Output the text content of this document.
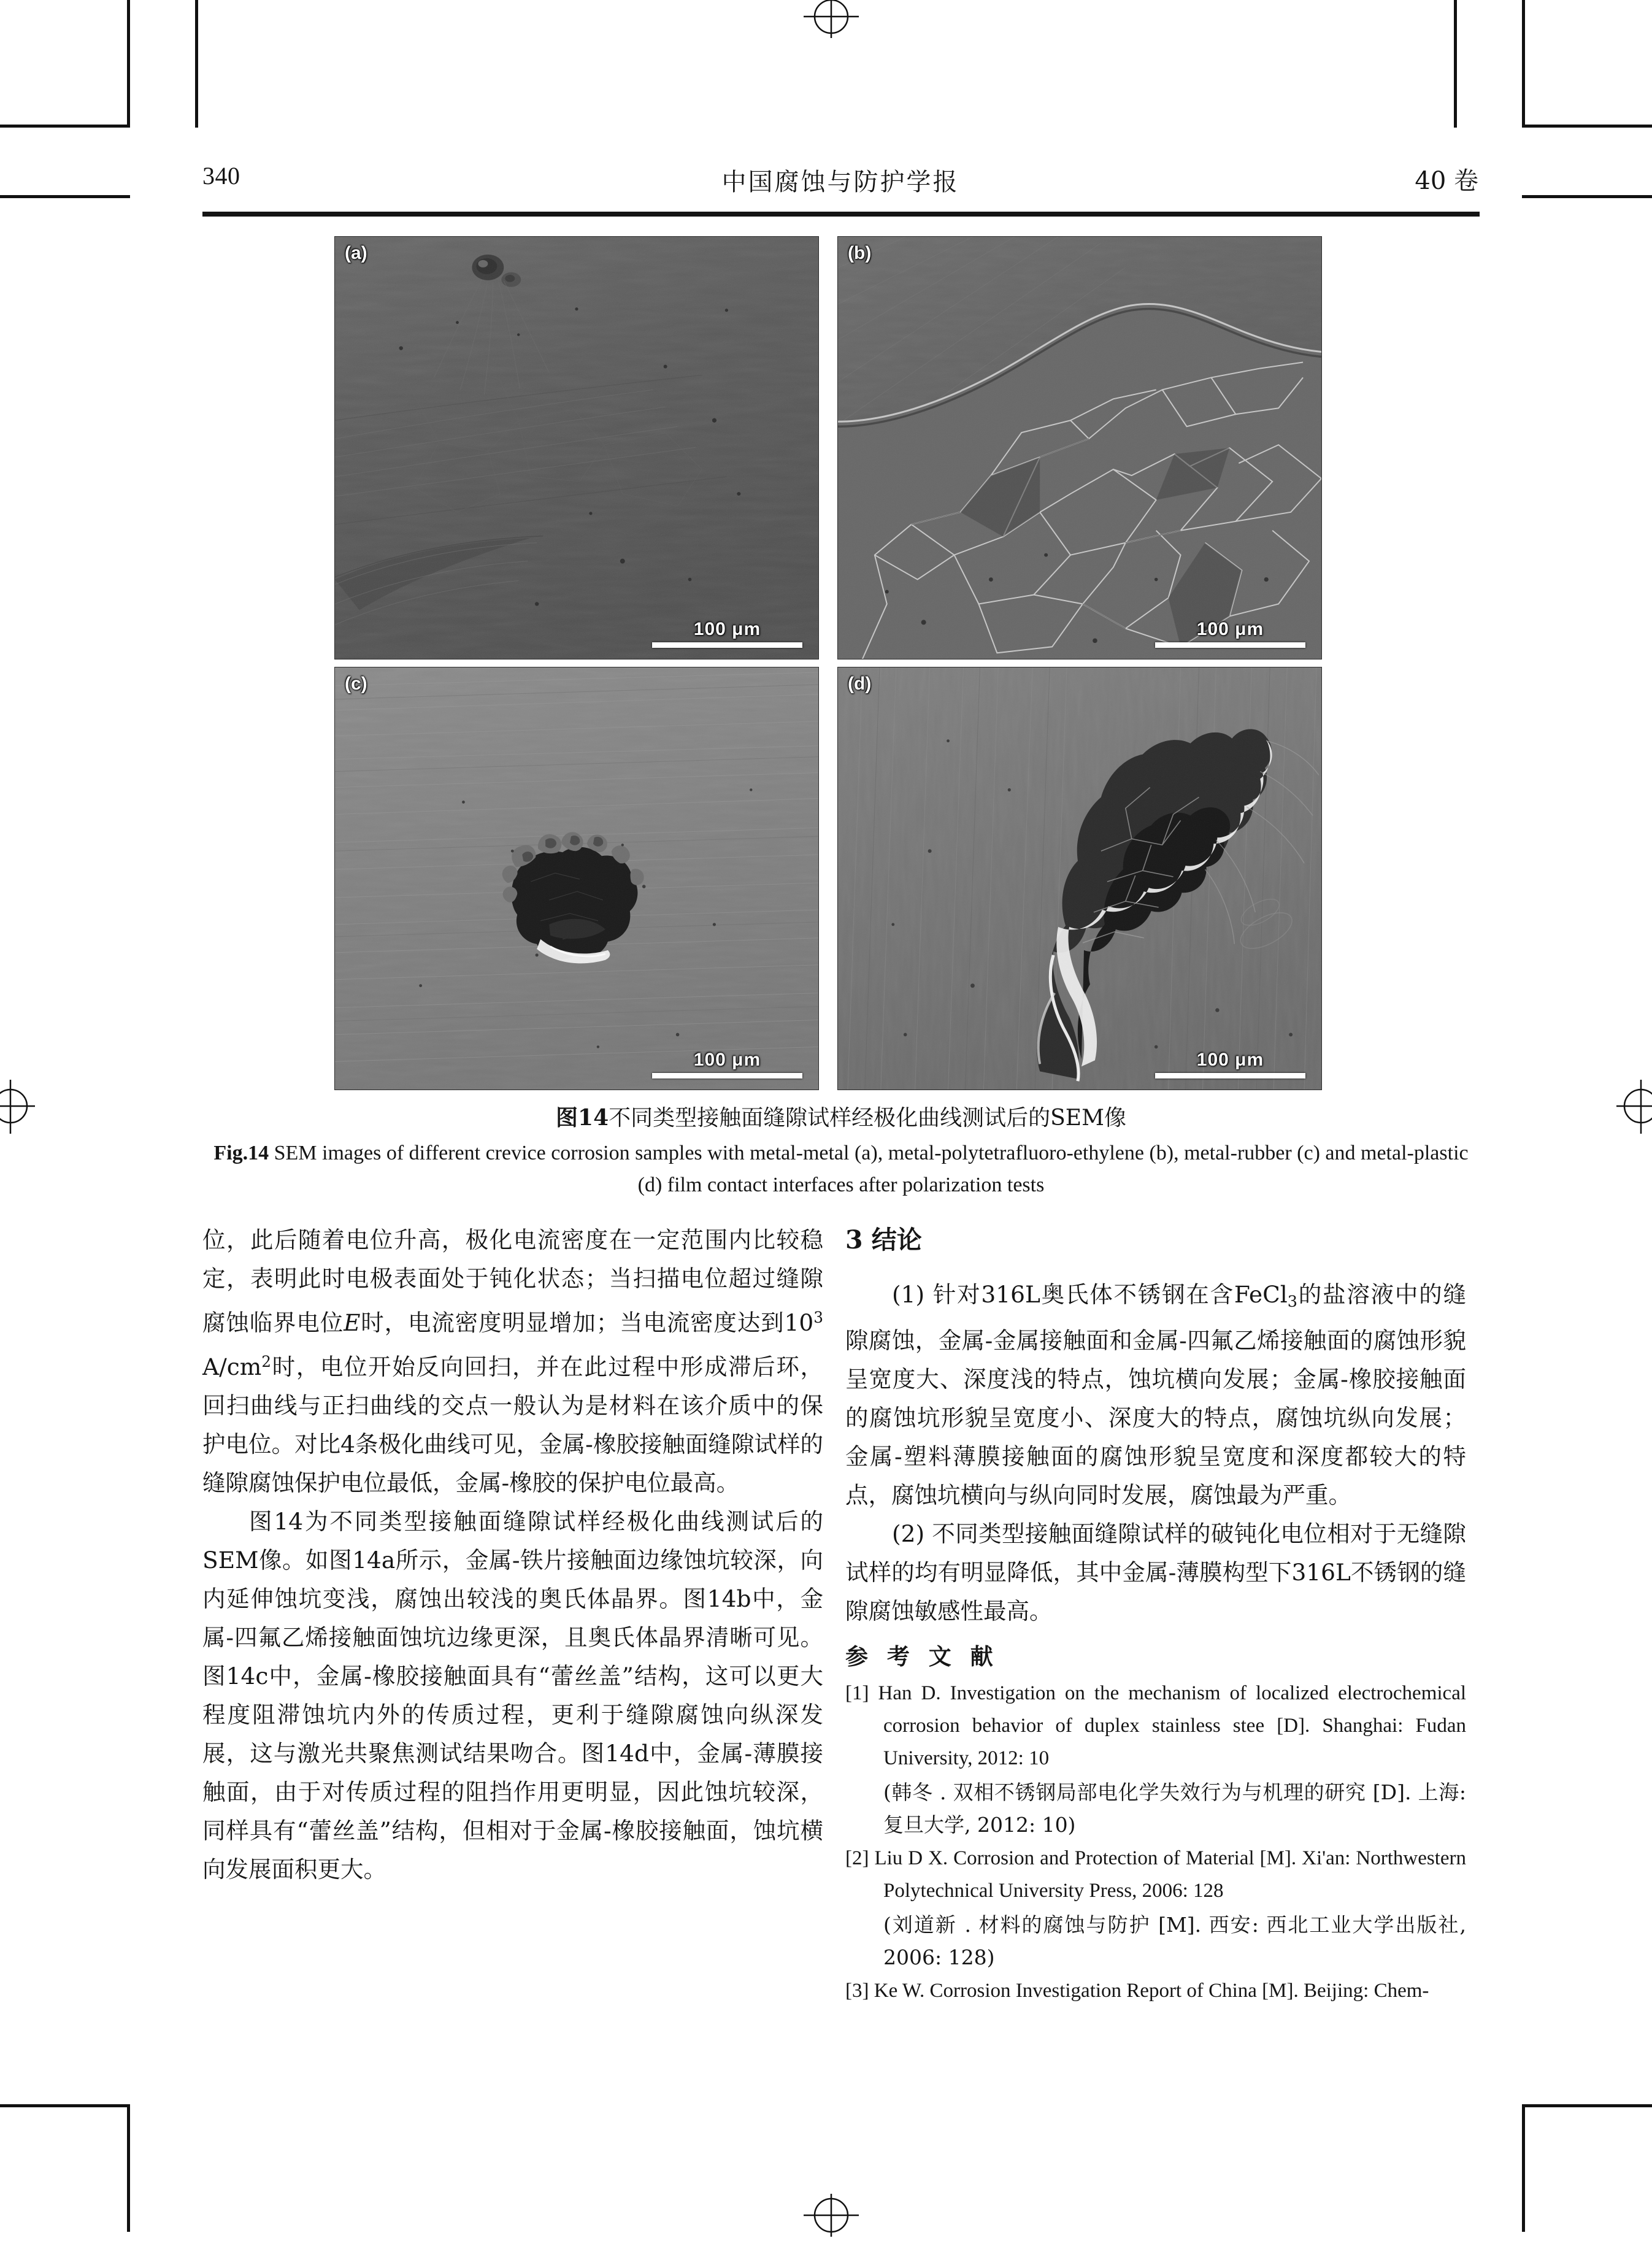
340	中国腐蚀与防护学报	40 卷
(a)
100 μm
(b)
100 μm
(c)
100 μm
(d)
100 μm
图14不同类型接触面缝隙试样经极化曲线测试后的SEM像
Fig.14 SEM images of different crevice corrosion samples with metal-metal (a), metal-polytetrafluoro-ethylene (b), metal-rubber (c) and metal-plastic (d) film contact interfaces after polarization tests

位，此后随着电位升高，极化电流密度在一定范围内比较稳定，表明此时电极表面处于钝化状态；当扫描电位超过缝隙腐蚀临界电位E时，电流密度明显增加；当电流密度达到$10^3$ $A/cm^2$时，电位开始反向回扫，并在此过程中形成滞后环，回扫曲线与正扫曲线的交点一般认为是材料在该介质中的保护电位。对比4条极化曲线可见，金属-橡胶接触面缝隙试样的缝隙腐蚀保护电位最低，金属-橡胶的保护电位最高。

图14为不同类型接触面缝隙试样经极化曲线测试后的SEM像。如图14a所示，金属-铁片接触面边缘蚀坑较深，向内延伸蚀坑变浅，腐蚀出较浅的奥氏体晶界。图14b中，金属-四氟乙烯接触面蚀坑边缘更深，且奥氏体晶界清晰可见。图14c中，金属-橡胶接触面具有“蕾丝盖”结构，这可以更大程度阻滞蚀坑内外的传质过程，更利于缝隙腐蚀向纵深发展，这与激光共聚焦测试结果吻合。图14d中，金属-薄膜接触面，由于对传质过程的阻挡作用更明显，因此蚀坑较深，同样具有“蕾丝盖”结构，但相对于金属-橡胶接触面，蚀坑横向发展面积更大。

3 结论

(1) 针对316L奥氏体不锈钢在含FeCl$_3$的盐溶液中的缝隙腐蚀，金属-金属接触面和金属-四氟乙烯接触面的腐蚀形貌呈宽度大、深度浅的特点，蚀坑横向发展；金属-橡胶接触面的腐蚀坑形貌呈宽度小、深度大的特点，腐蚀坑纵向发展；金属-塑料薄膜接触面的腐蚀形貌呈宽度和深度都较大的特点，腐蚀坑横向与纵向同时发展，腐蚀最为严重。

(2) 不同类型接触面缝隙试样的破钝化电位相对于无缝隙试样的均有明显降低，其中金属-薄膜构型下316L不锈钢的缝隙腐蚀敏感性最高。

参 考 文 献

[1] Han D. Investigation on the mechanism of localized electrochemical corrosion behavior of duplex stainless stee [D]. Shanghai: Fudan University, 2012: 10

(韩冬 . 双相不锈钢局部电化学失效行为与机理的研究 [D]. 上海: 复旦大学, 2012: 10)

[2] Liu D X. Corrosion and Protection of Material [M]. Xi'an: Northwestern Polytechnical University Press, 2006: 128

(刘道新 . 材料的腐蚀与防护 [M]. 西安: 西北工业大学出版社, 2006: 128)

[3] Ke W. Corrosion Investigation Report of China [M]. Beijing: Chem-
